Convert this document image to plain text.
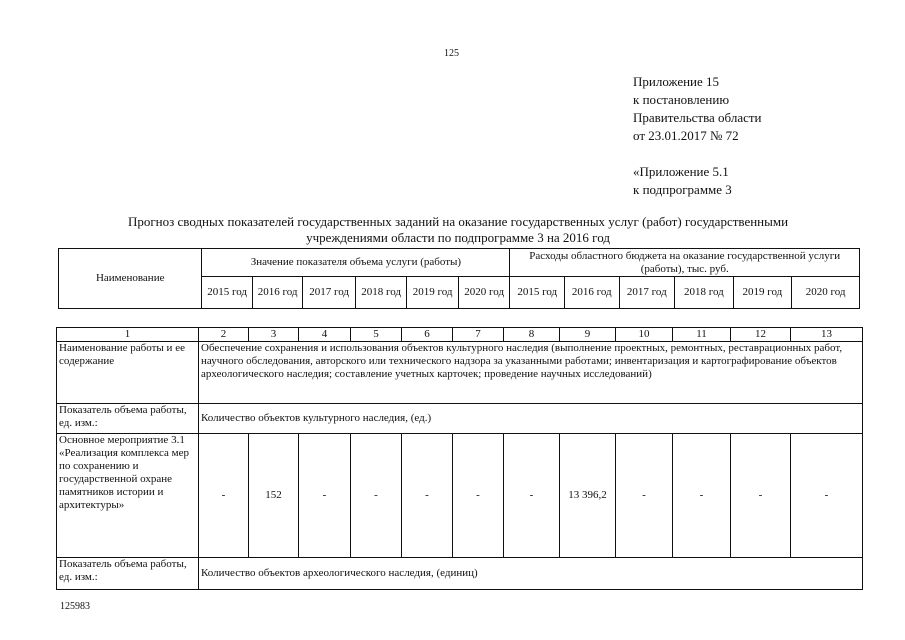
125
Приложение 15
к постановлению
Правительства области
от 23.01.2017 № 72
«Приложение 5.1
к подпрограмме 3
Прогноз сводных показателей государственных заданий на оказание государственных услуг (работ) государственными
учреждениями области по подпрограмме 3 на 2016 год
Наименование	Значение показателя объема услуги (работы)						Расходы областного бюджета на оказание государственной услуги (работы), тыс. руб.					
	2015 год	2016 год	2017 год	2018 год	2019 год	2020 год	2015 год	2016 год	2017 год	2018 год	2019 год	2020 год
1	2	3	4	5	6	7	8	9	10	11	12	13
Наименование работы и ее содержание	Обеспечение сохранения и использования объектов культурного наследия (выполнение проектных, ремонтных, реставрационных работ, научного обследования, авторского или технического надзора за указанными работами; инвентаризация и картографирование объектов археологического наследия; составление учетных карточек; проведение научных исследований)											
Показатель объема работы, ед. изм.:	Количество объектов культурного наследия, (ед.)											
Основное мероприятие 3.1 «Реализация комплекса мер по сохранению и государственной охране памятников истории и архитектуры»	-	152	-	-	-	-	-	13 396,2	-	-	-	-
Показатель объема работы, ед. изм.:	Количество объектов археологического наследия, (единиц)											
125983
